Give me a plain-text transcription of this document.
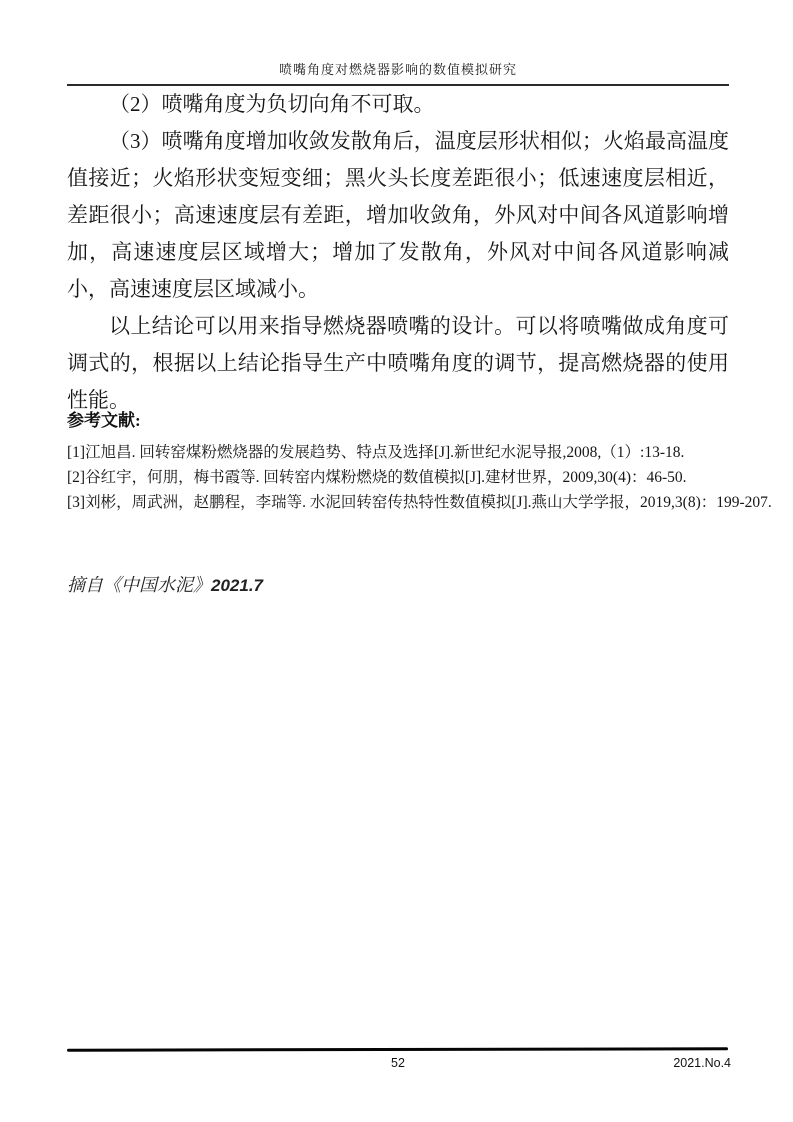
喷嘴角度对燃烧器影响的数值模拟研究

（2）喷嘴角度为负切向角不可取。

（3）喷嘴角度增加收敛发散角后，温度层形状相似；火焰最高温度值接近；火焰形状变短变细；黑火头长度差距很小；低速速度层相近，差距很小；高速速度层有差距，增加收敛角，外风对中间各风道影响增加，高速速度层区域增大；增加了发散角，外风对中间各风道影响减小，高速速度层区域减小。

以上结论可以用来指导燃烧器喷嘴的设计。可以将喷嘴做成角度可调式的，根据以上结论指导生产中喷嘴角度的调节，提高燃烧器的使用性能。

参考文献:

[1]江旭昌. 回转窑煤粉燃烧器的发展趋势、特点及选择[J].新世纪水泥导报,2008,（1）:13-18.

[2]谷红宇，何朋，梅书霞等. 回转窑内煤粉燃烧的数值模拟[J].建材世界，2009,30(4)：46-50.

[3]刘彬，周武洲，赵鹏程，李瑞等. 水泥回转窑传热特性数值模拟[J].燕山大学学报，2019,3(8)：199-207.

摘自《中国水泥》2021.7
52	2021.No.4
